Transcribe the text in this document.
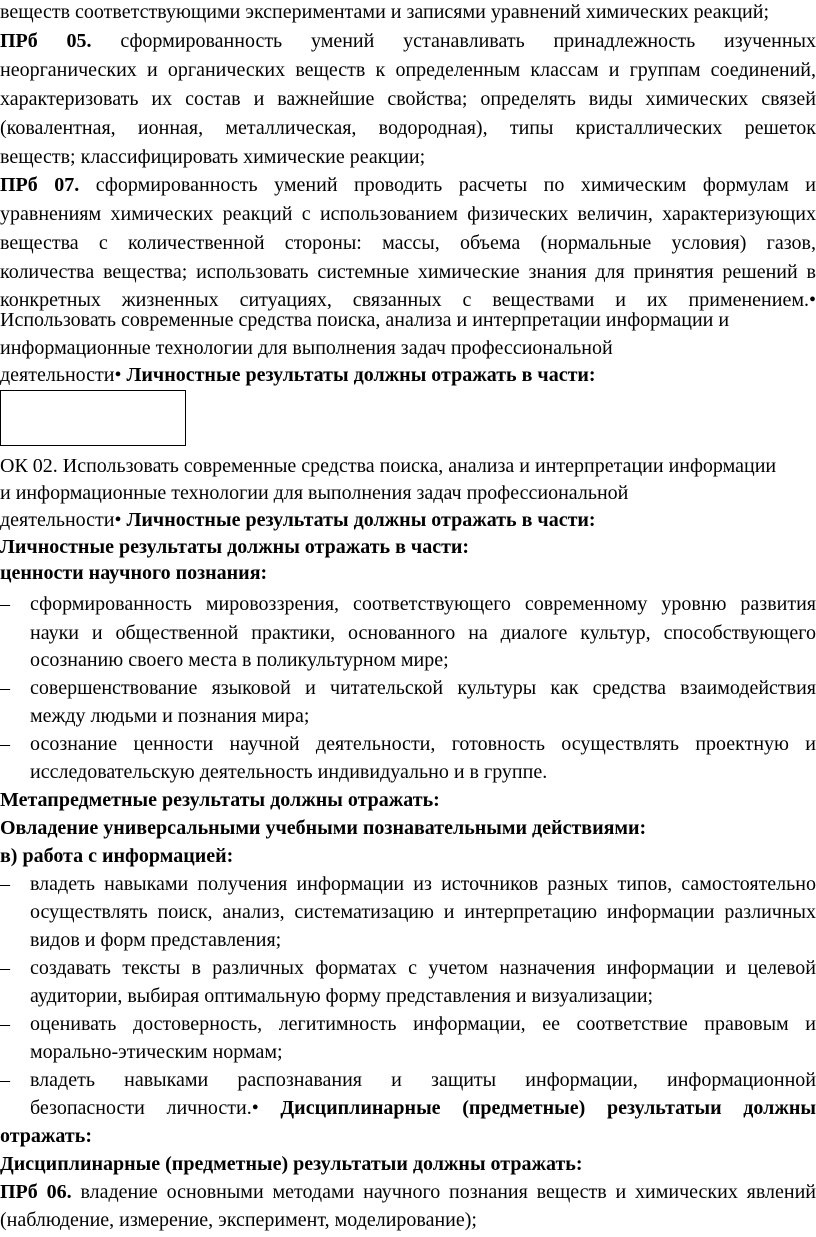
веществ соответствующими экспериментами и записями уравнений химических реакций;
ПРб 05. сформированность умений устанавливать принадлежность изученных
неорганических и органических веществ к определенным классам и группам соединений,
характеризовать их состав и важнейшие свойства; определять виды химических связей
(ковалентная, ионная, металлическая, водородная), типы кристаллических решеток
веществ; классифицировать химические реакции;
ПРб 07. сформированность умений проводить расчеты по химическим формулам и
уравнениям химических реакций с использованием физических величин, характеризующих
вещества с количественной стороны: массы, объема (нормальные условия) газов,
количества вещества; использовать системные химические знания для принятия решений в
конкретных жизненных ситуациях, связанных с веществами и их применением.•
Использовать современные средства поиска, анализа и интерпретации информации и
информационные технологии для выполнения задач профессиональной
деятельности• Личностные результаты должны отражать в части:
ОК 02. Использовать современные средства поиска, анализа и интерпретации информации
и информационные технологии для выполнения задач профессиональной
деятельности• Личностные результаты должны отражать в части:
Личностные результаты должны отражать в части:
ценности научного познания:
– сформированность мировоззрения, соответствующего современному уровню развития
науки и общественной практики, основанного на диалоге культур, способствующего
осознанию своего места в поликультурном мире;
– совершенствование языковой и читательской культуры как средства взаимодействия
между людьми и познания мира;
– осознание ценности научной деятельности, готовность осуществлять проектную и
исследовательскую деятельность индивидуально и в группе.
Метапредметные результаты должны отражать:
Овладение универсальными учебными познавательными действиями:
в) работа с информацией:
– владеть навыками получения информации из источников разных типов, самостоятельно
осуществлять поиск, анализ, систематизацию и интерпретацию информации различных
видов и форм представления;
– создавать тексты в различных форматах с учетом назначения информации и целевой
аудитории, выбирая оптимальную форму представления и визуализации;
– оценивать достоверность, легитимность информации, ее соответствие правовым и
морально-этическим нормам;
– владеть навыками распознавания и защиты информации, информационной
безопасности личности.• Дисциплинарные (предметные) результатыи должны
отражать:
Дисциплинарные (предметные) результатыи должны отражать:
ПРб 06. владение основными методами научного познания веществ и химических явлений
(наблюдение, измерение, эксперимент, моделирование);
